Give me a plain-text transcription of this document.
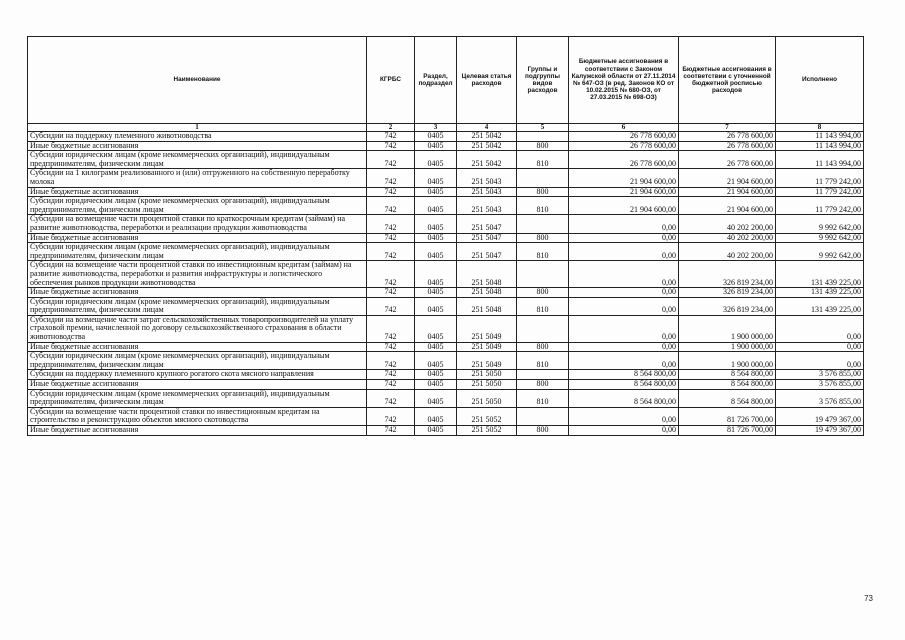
Наименование	КГРБС	Раздел, подраздел	Целевая статья расходов	Группы и подгруппы видов расходов	Бюджетные ассигнования в соответствии с Законом Калужской области от 27.11.2014 № 647-ОЗ (в ред. Законов КО от 10.02.2015 № 680-ОЗ, от 27.03.2015 № 698-ОЗ)	Бюджетные ассигнования в соответствии с уточненной бюджетной росписью расходов	Исполнено
1	2	3	4	5	6	7	8
Субсидии на поддержку племенного животноводства	742	0405	251 5042		26 778 600,00	26 778 600,00	11 143 994,00
Иные бюджетные ассигнования	742	0405	251 5042	800	26 778 600,00	26 778 600,00	11 143 994,00
Субсидии юридическим лицам (кроме некоммерческих организаций), индивидуальным предпринимателям, физическим лицам	742	0405	251 5042	810	26 778 600,00	26 778 600,00	11 143 994,00
Субсидии на 1 килограмм реализованного и (или) отгруженного на собственную переработку молока	742	0405	251 5043		21 904 600,00	21 904 600,00	11 779 242,00
Иные бюджетные ассигнования	742	0405	251 5043	800	21 904 600,00	21 904 600,00	11 779 242,00
Субсидии юридическим лицам (кроме некоммерческих организаций), индивидуальным предпринимателям, физическим лицам	742	0405	251 5043	810	21 904 600,00	21 904 600,00	11 779 242,00
Субсидии на возмещение части процентной ставки по краткосрочным кредитам (займам) на развитие животноводства, переработки и реализации продукции животноводства	742	0405	251 5047		0,00	40 202 200,00	9 992 642,00
Иные бюджетные ассигнования	742	0405	251 5047	800	0,00	40 202 200,00	9 992 642,00
Субсидии юридическим лицам (кроме некоммерческих организаций), индивидуальным предпринимателям, физическим лицам	742	0405	251 5047	810	0,00	40 202 200,00	9 992 642,00
Субсидии на возмещение части процентной ставки по инвестиционным кредитам (займам) на развитие животноводства, переработки и развития инфраструктуры и логистического обеспечения рынков продукции животноводства	742	0405	251 5048		0,00	326 819 234,00	131 439 225,00
Иные бюджетные ассигнования	742	0405	251 5048	800	0,00	326 819 234,00	131 439 225,00
Субсидии юридическим лицам (кроме некоммерческих организаций), индивидуальным предпринимателям, физическим лицам	742	0405	251 5048	810	0,00	326 819 234,00	131 439 225,00
Субсидии на возмещение части затрат сельскохозяйственных товаропроизводителей на уплату страховой премии, начисленной по договору сельскохозяйственного страхования в области животноводства	742	0405	251 5049		0,00	1 900 000,00	0,00
Иные бюджетные ассигнования	742	0405	251 5049	800	0,00	1 900 000,00	0,00
Субсидии юридическим лицам (кроме некоммерческих организаций), индивидуальным предпринимателям, физическим лицам	742	0405	251 5049	810	0,00	1 900 000,00	0,00
Субсидии на поддержку племенного крупного рогатого скота мясного направления	742	0405	251 5050		8 564 800,00	8 564 800,00	3 576 855,00
Иные бюджетные ассигнования	742	0405	251 5050	800	8 564 800,00	8 564 800,00	3 576 855,00
Субсидии юридическим лицам (кроме некоммерческих организаций), индивидуальным предпринимателям, физическим лицам	742	0405	251 5050	810	8 564 800,00	8 564 800,00	3 576 855,00
Субсидии на возмещение части процентной ставки по инвестиционным кредитам на строительство и реконструкцию объектов мясного скотоводства	742	0405	251 5052		0,00	81 726 700,00	19 479 367,00
Иные бюджетные ассигнования	742	0405	251 5052	800	0,00	81 726 700,00	19 479 367,00
73
